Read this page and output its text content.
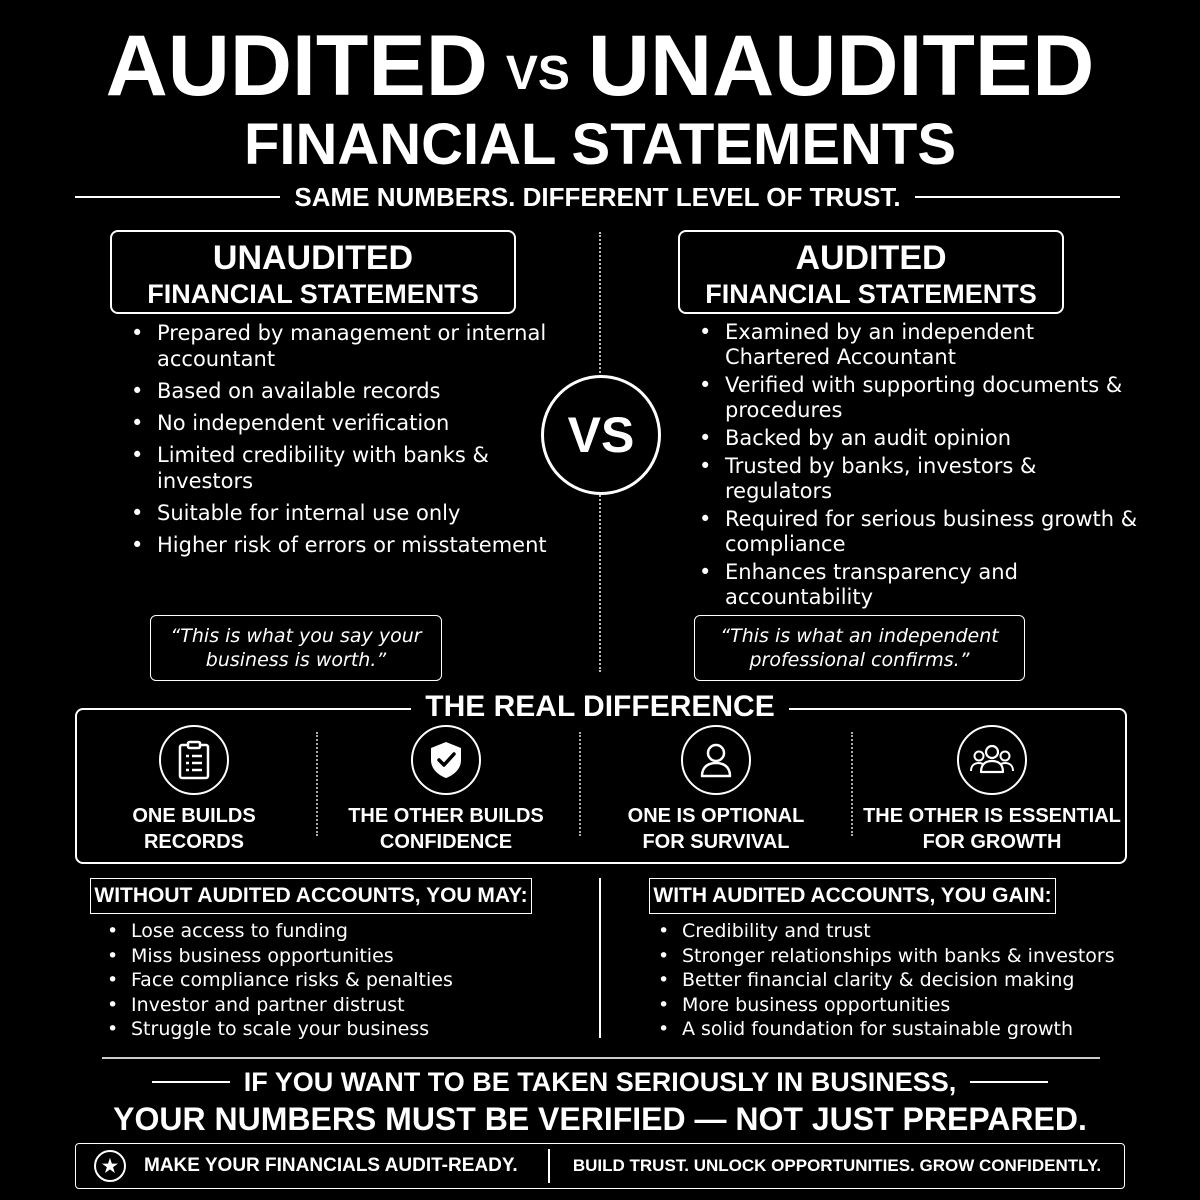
AUDITED VS UNAUDITED
FINANCIAL STATEMENTS
SAME NUMBERS. DIFFERENT LEVEL OF TRUST.
UNAUDITED
FINANCIAL STATEMENTS
AUDITED
FINANCIAL STATEMENTS
VS
• Prepared by management or internal accountant
• Based on available records
• No independent verification
• Limited credibility with banks & investors
• Suitable for internal use only
• Higher risk of errors or misstatement
• Examined by an independent Chartered Accountant
• Verified with supporting documents & procedures
• Backed by an audit opinion
• Trusted by banks, investors & regulators
• Required for serious business growth & compliance
• Enhances transparency and accountability
“This is what you say your business is worth.”
“This is what an independent professional confirms.”
THE REAL DIFFERENCE
ONE BUILDS
RECORDS
THE OTHER BUILDS
CONFIDENCE
ONE IS OPTIONAL
FOR SURVIVAL
THE OTHER IS ESSENTIAL
FOR GROWTH
WITHOUT AUDITED ACCOUNTS, YOU MAY:	WITH AUDITED ACCOUNTS, YOU GAIN:
• Lose access to funding
• Miss business opportunities
• Face compliance risks & penalties
• Investor and partner distrust
• Struggle to scale your business
• Credibility and trust
• Stronger relationships with banks & investors
• Better financial clarity & decision making
• More business opportunities
• A solid foundation for sustainable growth
IF YOU WANT TO BE TAKEN SERIOUSLY IN BUSINESS,
YOUR NUMBERS MUST BE VERIFIED — NOT JUST PREPARED.
★	MAKE YOUR FINANCIALS AUDIT-READY.	BUILD TRUST. UNLOCK OPPORTUNITIES. GROW CONFIDENTLY.
